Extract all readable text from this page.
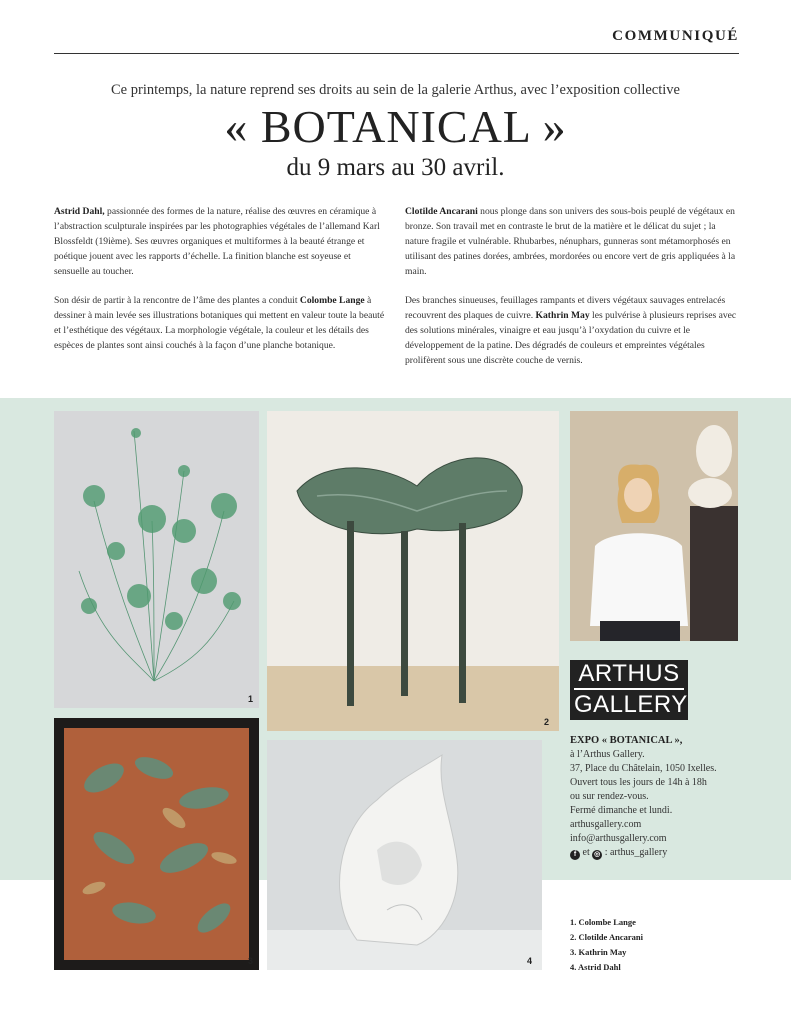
COMMUNIQUÉ
Ce printemps, la nature reprend ses droits au sein de la galerie Arthus, avec l’exposition collective
« BOTANICAL »
du 9 mars au 30 avril.

Astrid Dahl, passionnée des formes de la nature, réalise des œuvres en céramique à l’abstraction sculpturale inspirées par les photographies végétales de l’allemand Karl Blossfeldt (19ième). Ses œuvres organiques et multiformes à la beauté étrange et poétique jouent avec les rapports d’échelle. La finition blanche est soyeuse et sensuelle au toucher.

Son désir de partir à la rencontre de l’âme des plantes a conduit Colombe Lange à dessiner à main levée ses illustrations botaniques qui mettent en valeur toute la beauté et l’esthétique des végétaux. La morphologie végétale, la couleur et les détails des espèces de plantes sont ainsi couchés à la façon d’une planche botanique.

Clotilde Ancarani nous plonge dans son univers des sous-bois peuplé de végétaux en bronze. Son travail met en contraste le brut de la matière et le délicat du sujet ; la nature fragile et vulnérable. Rhubarbes, nénuphars, gunneras sont métamorphosés en utilisant des patines dorées, ambrées, mordorées ou encore vert de gris appliquées à la main.

Des branches sinueuses, feuillages rampants et divers végétaux sauvages entrelacés recouvrent des plaques de cuivre. Kathrin May les pulvérise à plusieurs reprises avec des solutions minérales, vinaigre et eau jusqu’à l’oxydation du cuivre et le développement de la patine. Des dégradés de couleurs et empreintes végétales prolifèrent sous une discrète couche de vernis.

1
2
3	4
ARTHUS
GALLERY
EXPO « BOTANICAL »,
à l’Arthus Gallery.
37, Place du Châtelain, 1050 Ixelles.
Ouvert tous les jours de 14h à 18h
ou sur rendez-vous.
Fermé dimanche et lundi.
arthusgallery.com
info@arthusgallery.com
f et ◎ : arthus_gallery
1. Colombe Lange
2. Clotilde Ancarani
3. Kathrin May
4. Astrid Dahl
